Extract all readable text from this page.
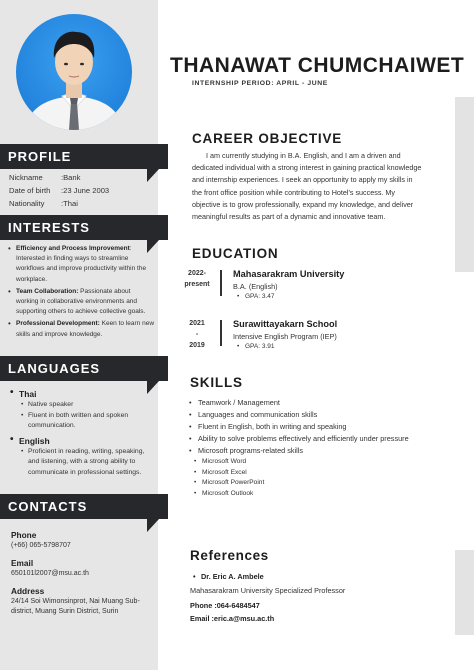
PROFILE
Nickname	:Bank
Date of birth	:23 June 2003
Nationality	:Thai
INTERESTS
• Efficiency and Process Improvement: Interested in finding ways to streamline workflows and improve productivity within the workplace.
• Team Collaboration: Passionate about working in collaborative environments and supporting others to achieve collective goals.
• Professional Development: Keen to learn new skills and improve knowledge.
LANGUAGES
• Thai
• Native speaker
• Fluent in both written and spoken communication.
• English
• Proficient in reading, writing, speaking, and listening, with a strong ability to communicate in professional settings.
CONTACTS
Phone
(+66) 065-5798707
Email
650101l2007@msu.ac.th
Address
24/14 Soi Wimonsinprot, Nai Muang Sub-district, Muang Surin District, Surin
THANAWAT CHUMCHAIWET
INTERNSHIP PERIOD: APRIL - JUNE
CAREER OBJECTIVE

I am currently studying in B.A. English, and I am a driven and dedicated individual with a strong interest in gaining practical knowledge and internship experiences. I seek an opportunity to apply my skills in the front office position while contributing to Hotel's success. My objective is to grow professionally, expand my knowledge, and deliver meaningful results as part of a dynamic and innovative team.

EDUCATION
2022-
present
Mahasarakram University
B.A. (English)
• GPA: 3.47
2021
-
2019
Surawittayakarn School
Intensive English Program (IEP)
• GPA: 3.91
SKILLS
• Teamwork / Management
• Languages and communication skills
• Fluent in English, both in writing and speaking
• Ability to solve problems effectively and efficiently under pressure
• Microsoft programs-related skills
• Microsoft Word
• Microsoft Excel
• Microsoft PowerPoint
• Microsoft Outlook
References
• Dr. Eric A. Ambele
Mahasarakram University Specialized Professor
Phone :064-6484547
Email :eric.a@msu.ac.th
